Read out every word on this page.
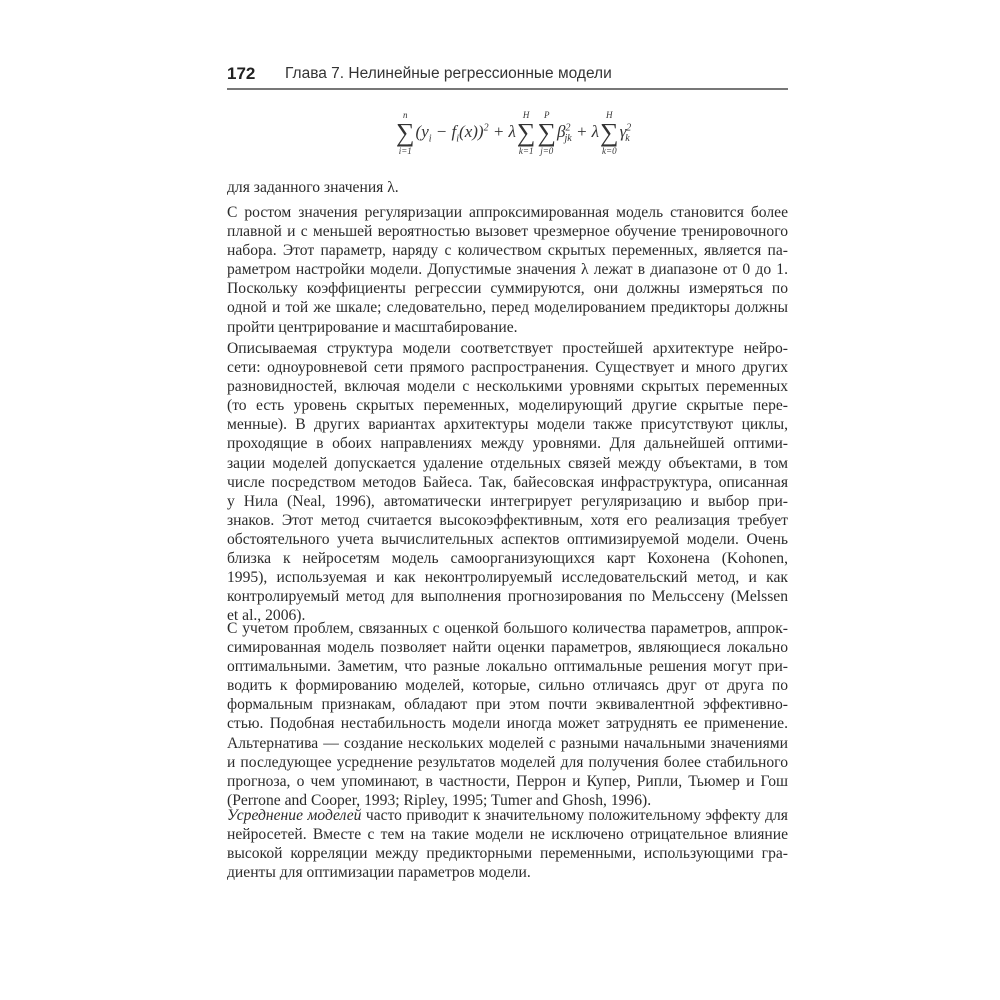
172 Глава 7. Нелинейные регрессионные модели
n
∑
i=1
$(y_i - f_i(x))^2 + \lambda$
H
∑
k=1
P
∑
j=0
$\beta^2_{jk} + \lambda$
H
∑
k=0
$\gamma^2_k$
для заданного значения λ.
С ростом значения регуляризации аппроксимированная модель становится более
плавной и с меньшей вероятностью вызовет чрезмерное обучение тренировочного
набора. Этот параметр, наряду с количеством скрытых переменных, является па-
раметром настройки модели. Допустимые значения λ лежат в диапазоне от 0 до 1.
Поскольку коэффициенты регрессии суммируются, они должны измеряться по
одной и той же шкале; следовательно, перед моделированием предикторы должны
пройти центрирование и масштабирование.
Описываемая структура модели соответствует простейшей архитектуре нейро-
сети: одноуровневой сети прямого распространения. Существует и много других
разновидностей, включая модели с несколькими уровнями скрытых переменных
(то есть уровень скрытых переменных, моделирующий другие скрытые пере-
менные). В других вариантах архитектуры модели также присутствуют циклы,
проходящие в обоих направлениях между уровнями. Для дальнейшей оптими-
зации моделей допускается удаление отдельных связей между объектами, в том
числе посредством методов Байеса. Так, байесовская инфраструктура, описанная
у Нила (Neal, 1996), автоматически интегрирует регуляризацию и выбор при-
знаков. Этот метод считается высокоэффективным, хотя его реализация требует
обстоятельного учета вычислительных аспектов оптимизируемой модели. Очень
близка к нейросетям модель самоорганизующихся карт Кохонена (Kohonen,
1995), используемая и как неконтролируемый исследовательский метод, и как
контролируемый метод для выполнения прогнозирования по Мельссену (Melssen
et al., 2006).
С учетом проблем, связанных с оценкой большого количества параметров, аппрок-
симированная модель позволяет найти оценки параметров, являющиеся локально
оптимальными. Заметим, что разные локально оптимальные решения могут при-
водить к формированию моделей, которые, сильно отличаясь друг от друга по
формальным признакам, обладают при этом почти эквивалентной эффективно-
стью. Подобная нестабильность модели иногда может затруднять ее применение.
Альтернатива — создание нескольких моделей с разными начальными значениями
и последующее усреднение результатов моделей для получения более стабильного
прогноза, о чем упоминают, в частности, Перрон и Купер, Рипли, Тьюмер и Гош
(Perrone and Cooper, 1993; Ripley, 1995; Tumer and Ghosh, 1996).
Усреднение моделей часто приводит к значительному положительному эффекту для
нейросетей. Вместе с тем на такие модели не исключено отрицательное влияние
высокой корреляции между предикторными переменными, использующими гра-
диенты для оптимизации параметров модели.
